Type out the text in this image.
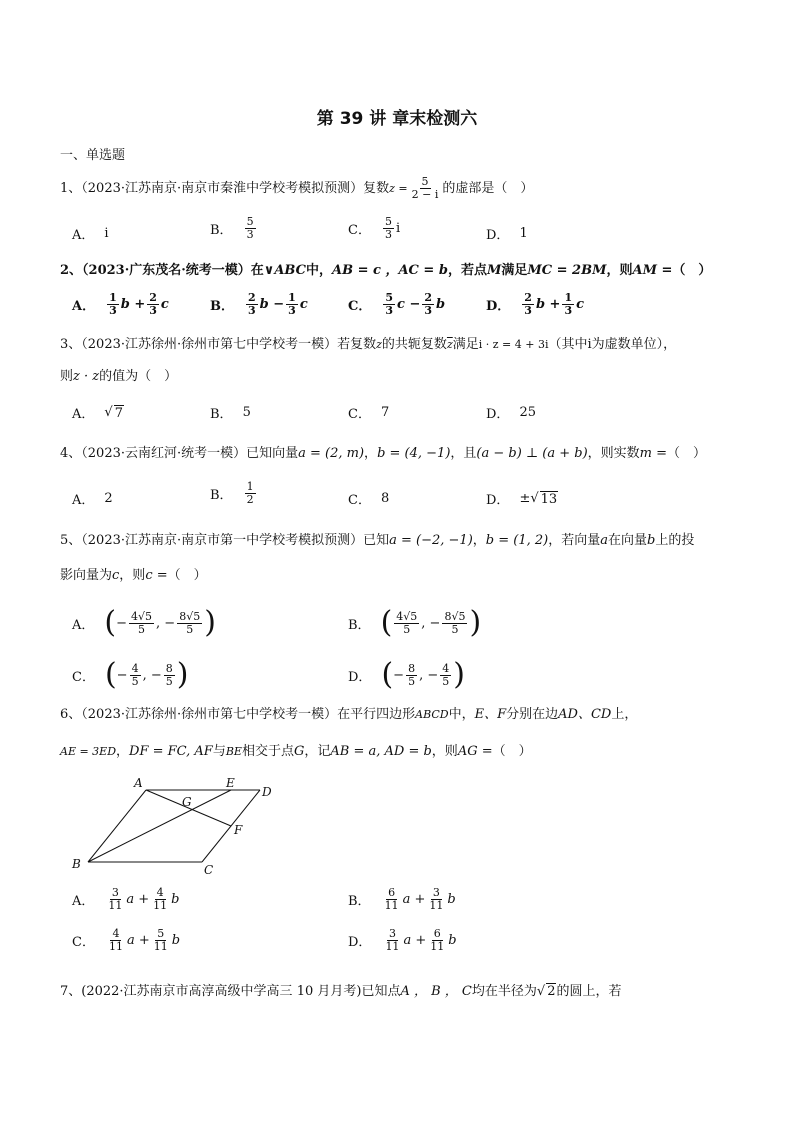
第 39 讲 章末检测六
一、单选题
1、（2023·江苏南京·南京市秦淮中学校考模拟预测）复数$z = \frac{5}{2 - i}$ 的虚部是（　）
A． i	B． $\frac{5}{3}$	C． $\frac{5}{3}$ i	D． 1
2、（2023·广东茂名·统考一模）在∨ABC中，AB = c ，AC = b，若点M满足MC = 2BM，则AM =（　）
A． $\frac{1}{3}$ $b + \frac{2}{3}$ c	B． $\frac{2}{3}$ $b - \frac{1}{3}$ c	C． $\frac{5}{3}$ $c - \frac{2}{3}$ b	D． $\frac{2}{3}$ $b + \frac{1}{3}$ c
3、（2023·江苏徐州·徐州市第七中学校考一模）若复数z的共轭复数$\overline{z}$满足i · z = 4 + 3i（其中i为虚数单位），
则z · z的值为（　）
A． √ 7	B． 5	C． 7	D． 25
4、（2023·云南红河·统考一模）已知向量a = (2, m)，b = (4, −1)，且(a − b) ⊥ (a + b)，则实数m =（　）
A． 2	B． $\frac{1}{2}$	C． 8	D． ± √ 13
5、（2023·江苏南京·南京市第一中学校考模拟预测）已知a = (−2, −1)，b = (1, 2)，若向量a在向量b上的投
影向量为c，则c =（　）
A． ( − $\frac{4√5}{5}$ , − $\frac{8√5}{5}$ )	B． ( $\frac{4√5}{5}$ , − $\frac{8√5}{5}$ )
C． ( − $\frac{4}{5}$ , − $\frac{8}{5}$ )	D． ( − $\frac{8}{5}$ , − $\frac{4}{5}$ )
6、（2023·江苏徐州·徐州市第七中学校考一模）在平行四边形ABCD中，E、F分别在边AD、CD上，
AE = 3ED，DF = FC, AF与BE相交于点G，记AB = a, AD = b，则AG =（　）
A	E
D
G
F
C
B
A． $\frac{3}{11}$ $a + \frac{4}{11}$ b	B． $\frac{6}{11}$ $a + \frac{3}{11}$ b
C． $\frac{4}{11}$ $a + \frac{5}{11}$ b	D． $\frac{3}{11}$ $a + \frac{6}{11}$ b
7、(2022·江苏南京市高淳高级中学高三 10 月月考)已知点A ， B ， C均在半径为√ 2的圆上，若
